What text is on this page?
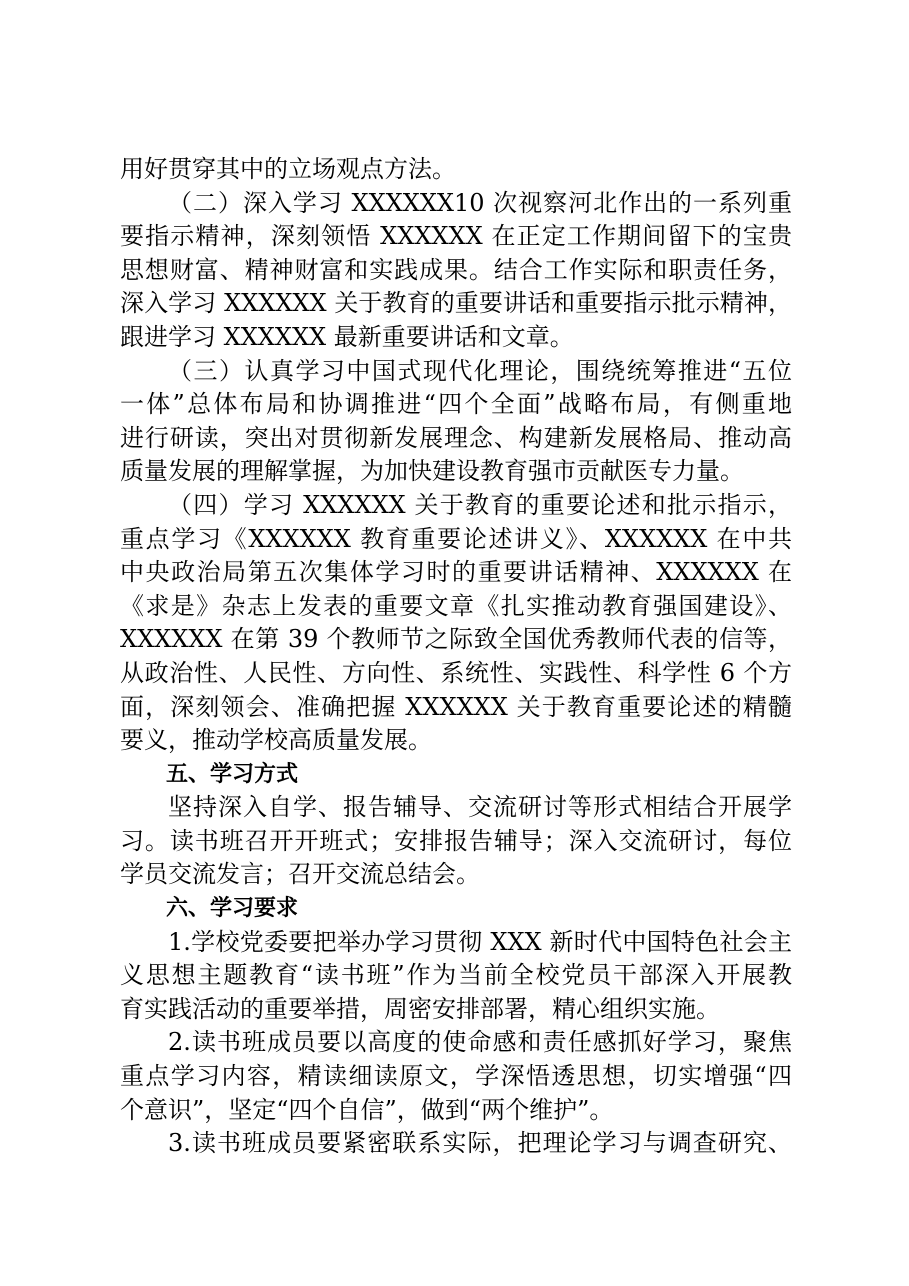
用好贯穿其中的立场观点方法。
（二）深入学习 XXXXXX10 次视察河北作出的一系列重
要指示精神，深刻领悟 XXXXXX 在正定工作期间留下的宝贵
思想财富、精神财富和实践成果。结合工作实际和职责任务，
深入学习 XXXXXX 关于教育的重要讲话和重要指示批示精神，
跟进学习 XXXXXX 最新重要讲话和文章。
（三）认真学习中国式现代化理论，围绕统筹推进“五位
一体”总体布局和协调推进“四个全面”战略布局，有侧重地
进行研读，突出对贯彻新发展理念、构建新发展格局、推动高
质量发展的理解掌握，为加快建设教育强市贡献医专力量。
（四）学习 XXXXXX 关于教育的重要论述和批示指示，
重点学习《XXXXXX 教育重要论述讲义》、XXXXXX 在中共
中央政治局第五次集体学习时的重要讲话精神、XXXXXX 在
《求是》杂志上发表的重要文章《扎实推动教育强国建设》、
XXXXXX 在第 39 个教师节之际致全国优秀教师代表的信等，
从政治性、人民性、方向性、系统性、实践性、科学性 6 个方
面，深刻领会、准确把握 XXXXXX 关于教育重要论述的精髓
要义，推动学校高质量发展。
五、学习方式
坚持深入自学、报告辅导、交流研讨等形式相结合开展学
习。读书班召开开班式；安排报告辅导；深入交流研讨，每位
学员交流发言；召开交流总结会。
六、学习要求
1.学校党委要把举办学习贯彻 XXX 新时代中国特色社会主
义思想主题教育“读书班”作为当前全校党员干部深入开展教
育实践活动的重要举措，周密安排部署，精心组织实施。
2.读书班成员要以高度的使命感和责任感抓好学习，聚焦
重点学习内容，精读细读原文，学深悟透思想，切实增强“四
个意识”，坚定“四个自信”，做到“两个维护”。
3.读书班成员要紧密联系实际，把理论学习与调查研究、
